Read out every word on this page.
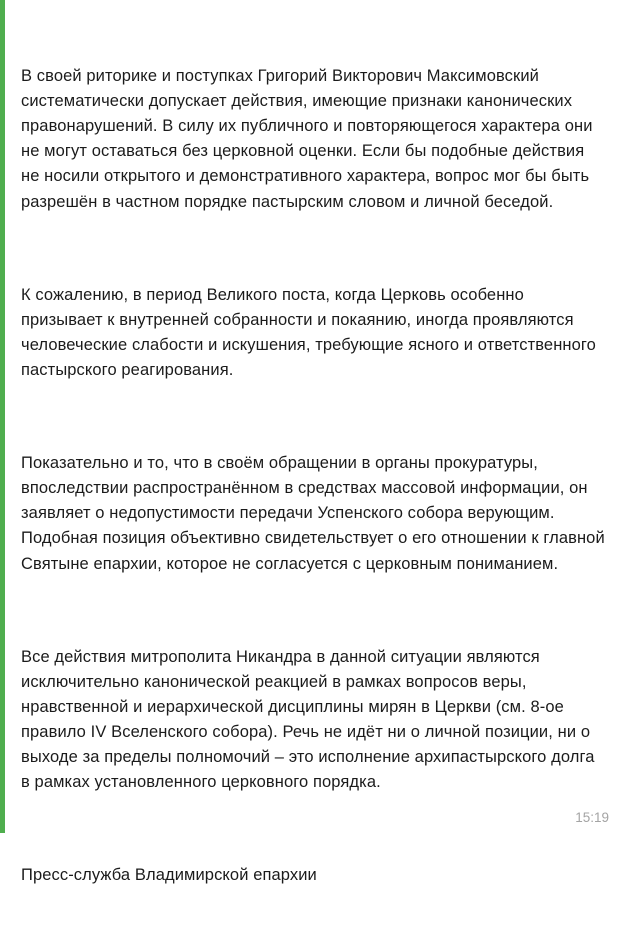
В своей риторике и поступках Григорий Викторович Максимовский систематически допускает действия, имеющие признаки канонических правонарушений. В силу их публичного и повторяющегося характера они не могут оставаться без церковной оценки. Если бы подобные действия не носили открытого и демонстративного характера, вопрос мог бы быть разрешён в частном порядке пастырским словом и личной беседой.

К сожалению, в период Великого поста, когда Церковь особенно призывает к внутренней собранности и покаянию, иногда проявляются человеческие слабости и искушения, требующие ясного и ответственного пастырского реагирования.

Показательно и то, что в своём обращении в органы прокуратуры, впоследствии распространённом в средствах массовой информации, он заявляет о недопустимости передачи Успенского собора верующим. Подобная позиция объективно свидетельствует о его отношении к главной Святыне епархии, которое не согласуется с церковным пониманием.

Все действия митрополита Никандра в данной ситуации являются исключительно канонической реакцией в рамках вопросов веры, нравственной и иерархической дисциплины мирян в Церкви (см. 8-ое правило IV Вселенского собора). Речь не идёт ни о личной позиции, ни о выходе за пределы полномочий – это исполнение архипастырского долга в рамках установленного церковного порядка.

Пресс-служба Владимирской епархии

15:19
